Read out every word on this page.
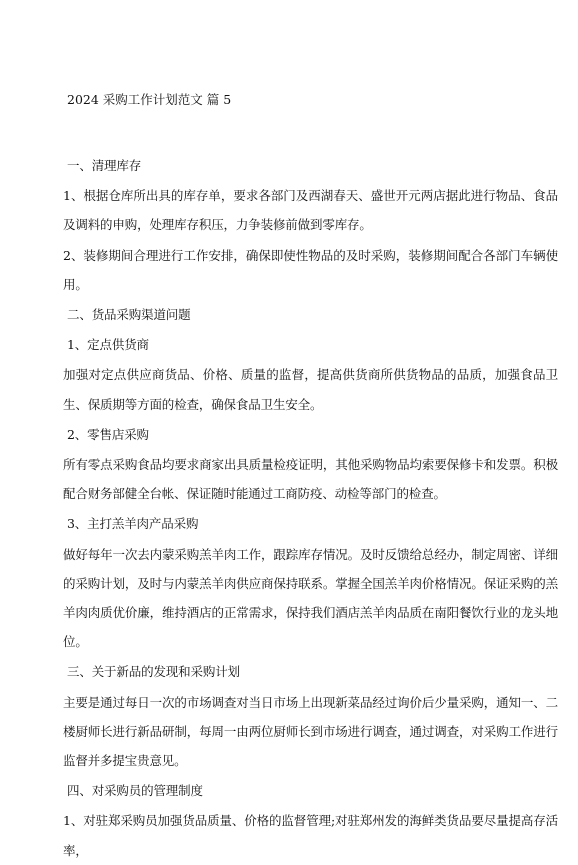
2024 采购工作计划范文 篇 5
一、清理库存
1、根据仓库所出具的库存单，要求各部门及西湖春天、盛世开元两店据此进行物品、食品及调料的申购，处理库存积压，力争装修前做到零库存。
2、装修期间合理进行工作安排，确保即使性物品的及时采购，装修期间配合各部门车辆使用。
二、货品采购渠道问题
1、定点供货商
加强对定点供应商货品、价格、质量的监督，提高供货商所供货物品的品质，加强食品卫生、保质期等方面的检查，确保食品卫生安全。
2、零售店采购
所有零点采购食品均要求商家出具质量检疫证明，其他采购物品均索要保修卡和发票。积极配合财务部健全台帐、保证随时能通过工商防疫、动检等部门的检查。
3、主打羔羊肉产品采购
做好每年一次去内蒙采购羔羊肉工作，跟踪库存情况。及时反馈给总经办，制定周密、详细的采购计划，及时与内蒙羔羊肉供应商保持联系。掌握全国羔羊肉价格情况。保证采购的羔羊肉肉质优价廉，维持酒店的正常需求，保持我们酒店羔羊肉品质在南阳餐饮行业的龙头地位。
三、关于新品的发现和采购计划
主要是通过每日一次的市场调查对当日市场上出现新菜品经过询价后少量采购，通知一、二楼厨师长进行新品研制，每周一由两位厨师长到市场进行调查，通过调查，对采购工作进行监督并多提宝贵意见。
四、对采购员的管理制度
1、对驻郑采购员加强货品质量、价格的监督管理;对驻郑州发的海鲜类货品要尽量提高存活率，
